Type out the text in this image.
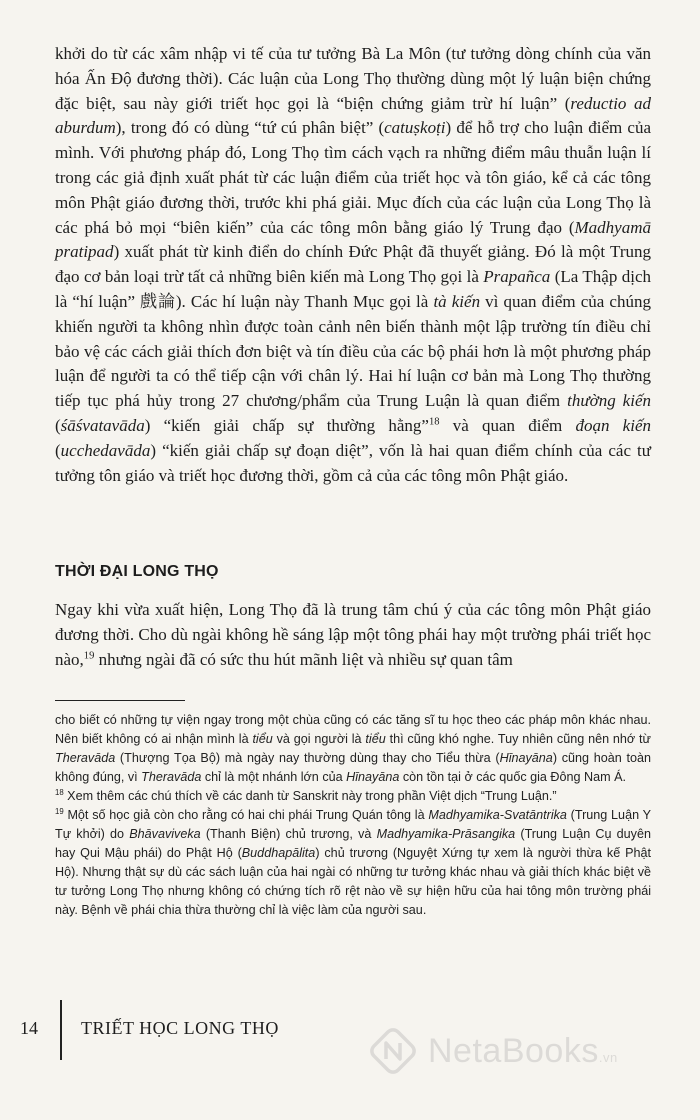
khởi do từ các xâm nhập vi tế của tư tưởng Bà La Môn (tư tưởng dòng chính của văn hóa Ấn Độ đương thời). Các luận của Long Thọ thường dùng một lý luận biện chứng đặc biệt, sau này giới triết học gọi là “biện chứng giảm trừ hí luận” (reductio ad aburdum), trong đó có dùng “tứ cú phân biệt” (catuṣkoṭi) để hỗ trợ cho luận điểm của mình. Với phương pháp đó, Long Thọ tìm cách vạch ra những điểm mâu thuẫn luận lí trong các giả định xuất phát từ các luận điểm của triết học và tôn giáo, kể cả các tông môn Phật giáo đương thời, trước khi phá giải. Mục đích của các luận của Long Thọ là các phá bỏ mọi “biên kiến” của các tông môn bằng giáo lý Trung đạo (Madhyamā pratipad) xuất phát từ kinh điển do chính Đức Phật đã thuyết giảng. Đó là một Trung đạo cơ bản loại trừ tất cả những biên kiến mà Long Thọ gọi là Prapañca (La Thập dịch là “hí luận” 戲論). Các hí luận này Thanh Mục gọi là tà kiến vì quan điểm của chúng khiến người ta không nhìn được toàn cảnh nên biến thành một lập trường tín điều chỉ bảo vệ các cách giải thích đơn biệt và tín điều của các bộ phái hơn là một phương pháp luận để người ta có thể tiếp cận với chân lý. Hai hí luận cơ bản mà Long Thọ thường tiếp tục phá hủy trong 27 chương/phẩm của Trung Luận là quan điểm thường kiến (śāśvatavāda) “kiến giải chấp sự thường hằng”$^{18}$ và quan điểm đoạn kiến (ucchedavāda) “kiến giải chấp sự đoạn diệt”, vốn là hai quan điểm chính của các tư tưởng tôn giáo và triết học đương thời, gồm cả của các tông môn Phật giáo.

THỜI ĐẠI LONG THỌ

Ngay khi vừa xuất hiện, Long Thọ đã là trung tâm chú ý của các tông môn Phật giáo đương thời. Cho dù ngài không hề sáng lập một tông phái hay một trường phái triết học nào,$^{19}$ nhưng ngài đã có sức thu hút mãnh liệt và nhiều sự quan tâm

cho biết có những tự viện ngay trong một chùa cũng có các tăng sĩ tu học theo các pháp môn khác nhau. Nên biết không có ai nhận mình là tiểu và gọi người là tiểu thì cũng khó nghe. Tuy nhiên cũng nên nhớ từ Theravāda (Thượng Tọa Bộ) mà ngày nay thường dùng thay cho Tiểu thừa (Hīnayāna) cũng hoàn toàn không đúng, vì Theravāda chỉ là một nhánh lớn của Hīnayāna còn tồn tại ở các quốc gia Đông Nam Á.

$^{18}$ Xem thêm các chú thích về các danh từ Sanskrit này trong phần Việt dịch “Trung Luận.”

$^{19}$ Một số học giả còn cho rằng có hai chi phái Trung Quán tông là Madhyamika-Svatāntrika (Trung Luận Y Tự khởi) do Bhāvaviveka (Thanh Biện) chủ trương, và Madhyamika-Prāsangika (Trung Luận Cụ duyên hay Qui Mậu phái) do Phật Hộ (Buddhapālita) chủ trương (Nguyệt Xứng tự xem là người thừa kế Phật Hộ). Nhưng thật sự dù các sách luận của hai ngài có những tư tưởng khác nhau và giải thích khác biệt về tư tưởng Long Thọ nhưng không có chứng tích rõ rệt nào về sự hiện hữu của hai tông môn trường phái này. Bệnh về phái chia thừa thường chỉ là việc làm của người sau.

14 TRIẾT HỌC LONG THỌ
NetaBooks.vn
